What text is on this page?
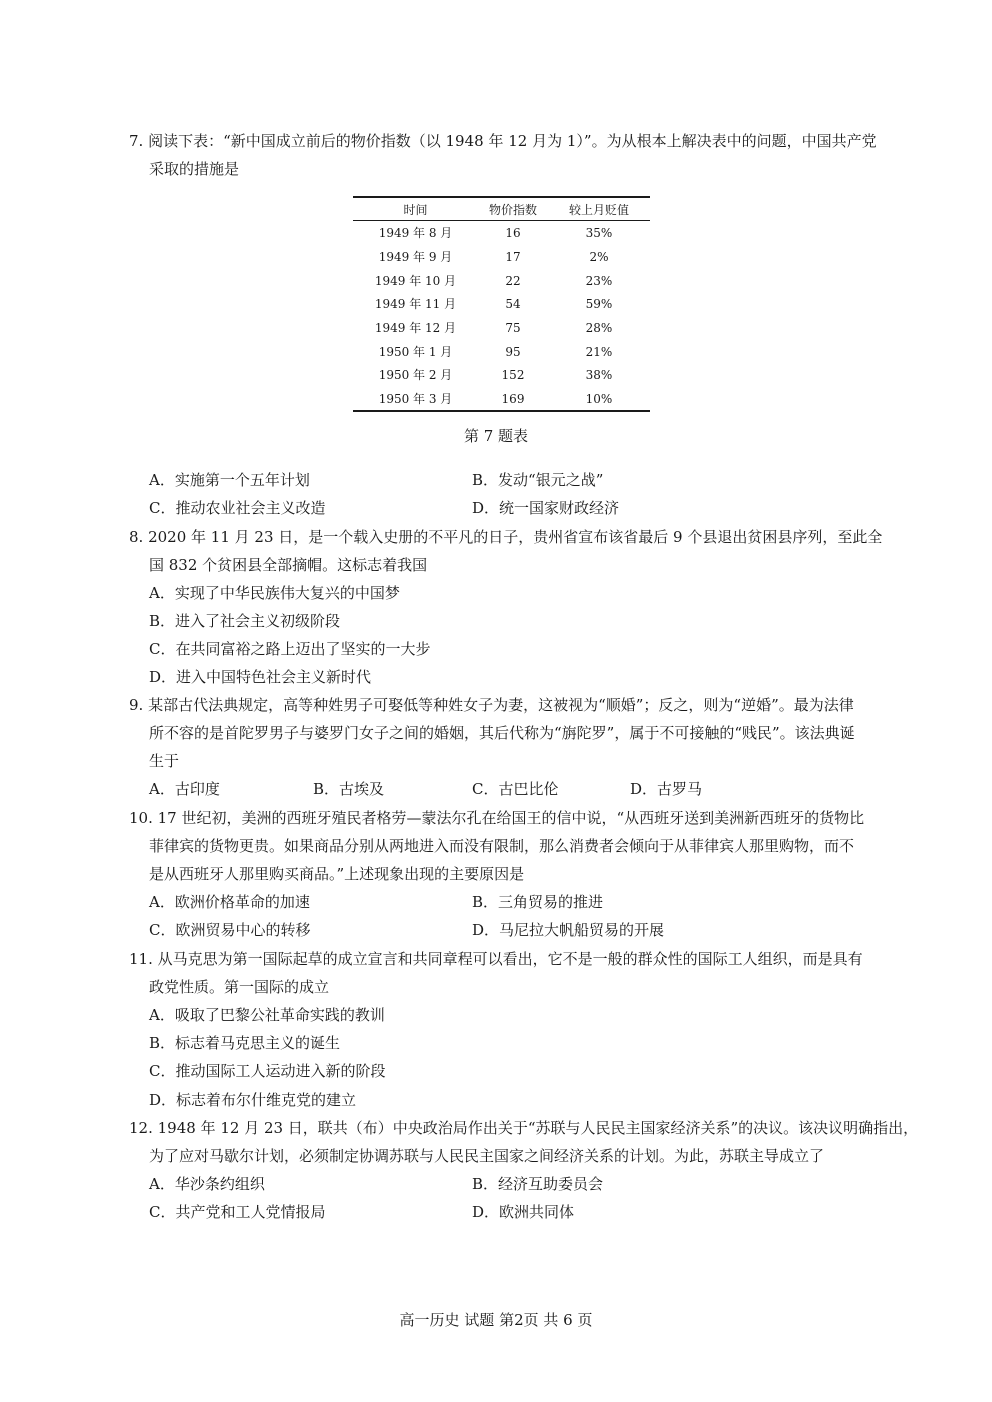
7. 阅读下表：“新中国成立前后的物价指数（以 1948 年 12 月为 1）”。为从根本上解决表中的问题，中国共产党
采取的措施是
时间	物价指数	较上月贬值
1949 年 8 月	16	35%
1949 年 9 月	17	2%
1949 年 10 月	22	23%
1949 年 11 月	54	59%
1949 年 12 月	75	28%
1950 年 1 月	95	21%
1950 年 2 月	152	38%
1950 年 3 月	169	10%
第 7 题表
A．实施第一个五年计划	B．发动“银元之战”
C．推动农业社会主义改造	D．统一国家财政经济
8. 2020 年 11 月 23 日，是一个载入史册的不平凡的日子，贵州省宣布该省最后 9 个县退出贫困县序列，至此全
国 832 个贫困县全部摘帽。这标志着我国
A．实现了中华民族伟大复兴的中国梦
B．进入了社会主义初级阶段
C．在共同富裕之路上迈出了坚实的一大步
D．进入中国特色社会主义新时代
9. 某部古代法典规定，高等种姓男子可娶低等种姓女子为妻，这被视为“顺婚”；反之，则为“逆婚”。最为法律
所不容的是首陀罗男子与婆罗门女子之间的婚姻，其后代称为“旃陀罗”，属于不可接触的“贱民”。该法典诞
生于
A．古印度	B．古埃及	C．古巴比伦	D．古罗马
10. 17 世纪初，美洲的西班牙殖民者格劳—蒙法尔孔在给国王的信中说，“从西班牙送到美洲新西班牙的货物比
菲律宾的货物更贵。如果商品分别从两地进入而没有限制，那么消费者会倾向于从菲律宾人那里购物，而不
是从西班牙人那里购买商品。”上述现象出现的主要原因是
A．欧洲价格革命的加速	B．三角贸易的推进
C．欧洲贸易中心的转移	D．马尼拉大帆船贸易的开展
11. 从马克思为第一国际起草的成立宣言和共同章程可以看出，它不是一般的群众性的国际工人组织，而是具有
政党性质。第一国际的成立
A．吸取了巴黎公社革命实践的教训
B．标志着马克思主义的诞生
C．推动国际工人运动进入新的阶段
D．标志着布尔什维克党的建立
12. 1948 年 12 月 23 日，联共（布）中央政治局作出关于“苏联与人民民主国家经济关系”的决议。该决议明确指出，
为了应对马歇尔计划，必须制定协调苏联与人民民主国家之间经济关系的计划。为此，苏联主导成立了
A．华沙条约组织	B．经济互助委员会
C．共产党和工人党情报局	D．欧洲共同体
高一历史 试题 第2页 共 6 页
